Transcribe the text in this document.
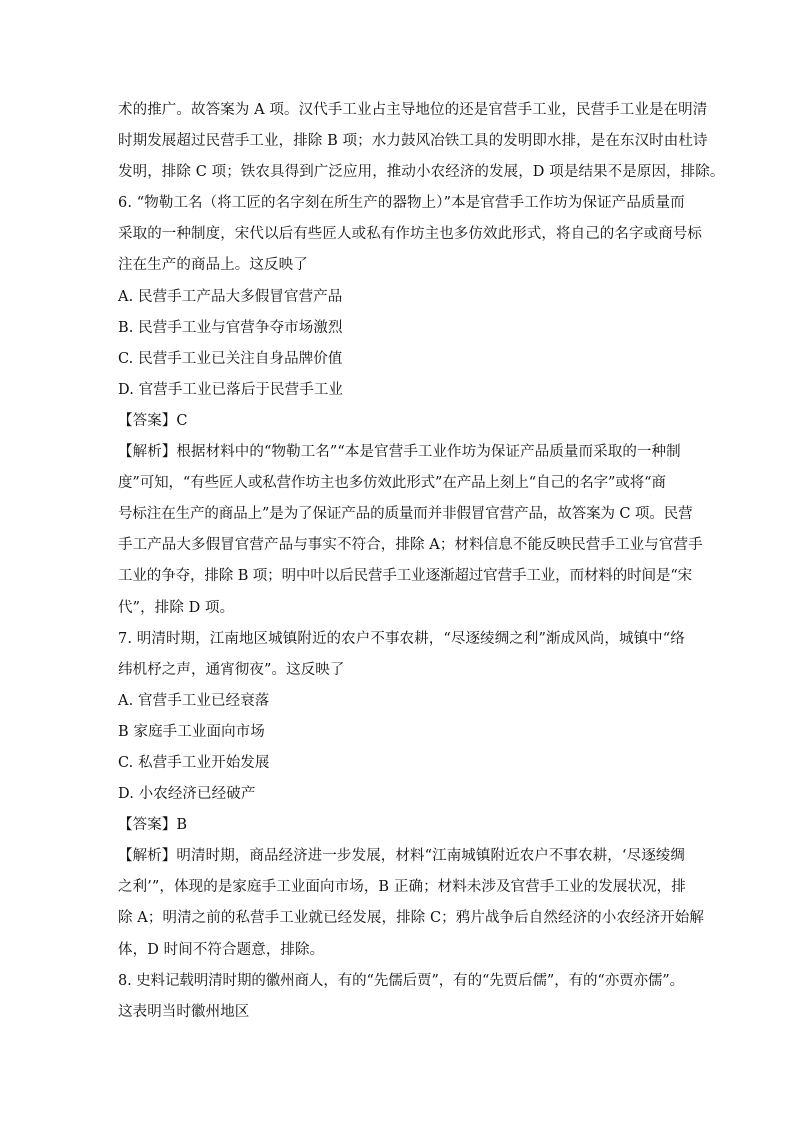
术的推广。故答案为 A 项。汉代手工业占主导地位的还是官营手工业，民营手工业是在明清
时期发展超过民营手工业，排除 B 项；水力鼓风冶铁工具的发明即水排，是在东汉时由杜诗
发明，排除 C 项；铁农具得到广泛应用，推动小农经济的发展，D 项是结果不是原因，排除。
6. “物勒工名（将工匠的名字刻在所生产的器物上）”本是官营手工作坊为保证产品质量而
采取的一种制度，宋代以后有些匠人或私有作坊主也多仿效此形式，将自己的名字或商号标
注在生产的商品上。这反映了
A. 民营手工产品大多假冒官营产品
B. 民营手工业与官营争夺市场激烈
C. 民营手工业已关注自身品牌价值
D. 官营手工业已落后于民营手工业
【答案】C
【解析】根据材料中的“物勒工名”“本是官营手工业作坊为保证产品质量而采取的一种制
度”可知，“有些匠人或私营作坊主也多仿效此形式”在产品上刻上“自己的名字”或将“商
号标注在生产的商品上”是为了保证产品的质量而并非假冒官营产品，故答案为 C 项。民营
手工产品大多假冒官营产品与事实不符合，排除 A；材料信息不能反映民营手工业与官营手
工业的争夺，排除 B 项；明中叶以后民营手工业逐渐超过官营手工业，而材料的时间是“宋
代”，排除 D 项。
7. 明清时期，江南地区城镇附近的农户不事农耕，“尽逐绫绸之利”渐成风尚，城镇中“络
纬机杼之声，通宵彻夜”。这反映了
A. 官营手工业已经衰落
B 家庭手工业面向市场
C. 私营手工业开始发展
D. 小农经济已经破产
【答案】B
【解析】明清时期，商品经济进一步发展，材料“江南城镇附近农户不事农耕，‘尽逐绫绸
之利’”，体现的是家庭手工业面向市场，B 正确；材料未涉及官营手工业的发展状况，排
除 A；明清之前的私营手工业就已经发展，排除 C；鸦片战争后自然经济的小农经济开始解
体，D 时间不符合题意，排除。
8. 史料记载明清时期的徽州商人，有的“先儒后贾”，有的“先贾后儒”，有的“亦贾亦儒”。
这表明当时徽州地区
